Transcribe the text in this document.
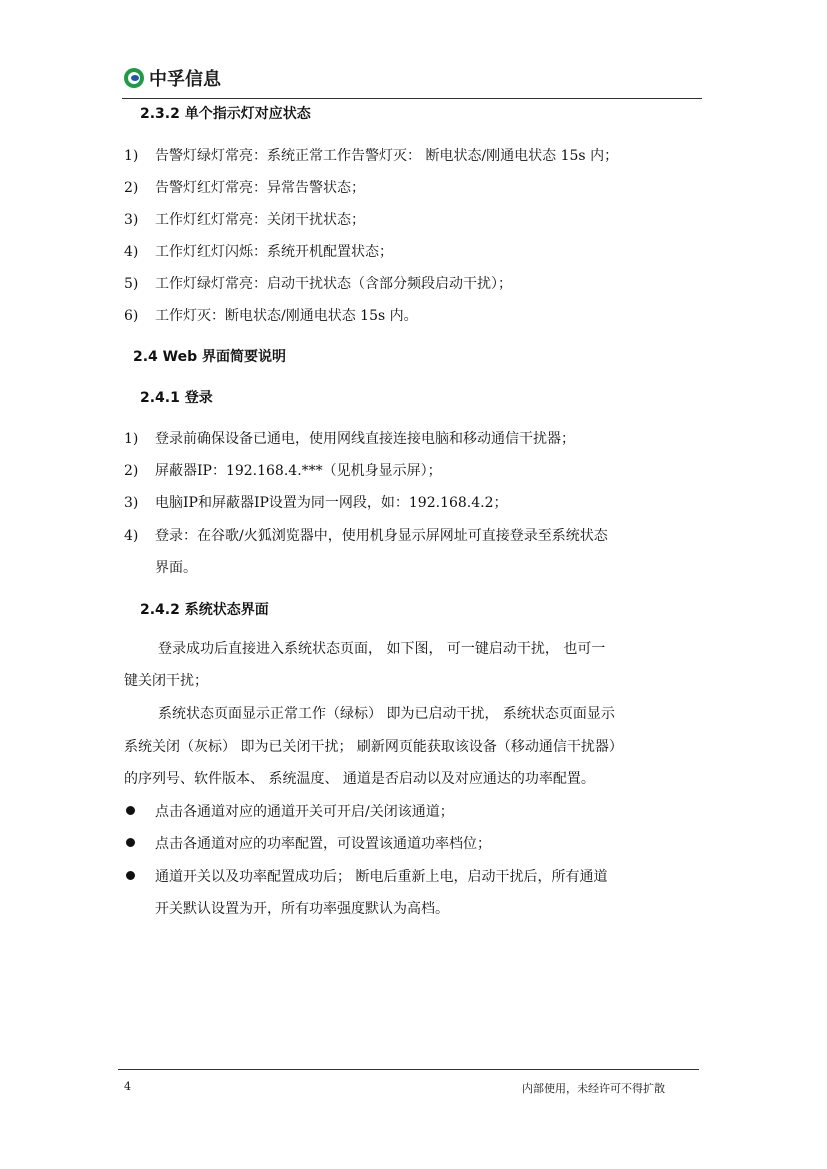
中孚信息
2.3.2 单个指示灯对应状态
1) 告警灯绿灯常亮：系统正常工作告警灯灭： 断电状态/刚通电状态 15s 内；
2) 告警灯红灯常亮：异常告警状态；
3) 工作灯红灯常亮：关闭干扰状态；
4) 工作灯红灯闪烁：系统开机配置状态；
5) 工作灯绿灯常亮：启动干扰状态（含部分频段启动干扰）；
6) 工作灯灭：断电状态/刚通电状态 15s 内。
2.4 Web 界面简要说明
2.4.1 登录
1) 登录前确保设备已通电，使用网线直接连接电脑和移动通信干扰器；
2) 屏蔽器IP：192.168.4.***（见机身显示屏）；
3) 电脑IP和屏蔽器IP设置为同一网段，如：192.168.4.2；
4) 登录：在谷歌/火狐浏览器中，使用机身显示屏网址可直接登录至系统状态
界面。
2.4.2 系统状态界面
登录成功后直接进入系统状态页面， 如下图， 可一键启动干扰， 也可一
键关闭干扰；
系统状态页面显示正常工作（绿标） 即为已启动干扰， 系统状态页面显示
系统关闭（灰标） 即为已关闭干扰； 刷新网页能获取该设备（移动通信干扰器）
的序列号、软件版本、 系统温度、 通道是否启动以及对应通达的功率配置。
点击各通道对应的通道开关可开启/关闭该通道；
点击各通道对应的功率配置，可设置该通道功率档位；
通道开关以及功率配置成功后； 断电后重新上电，启动干扰后，所有通道
开关默认设置为开，所有功率强度默认为高档。
4	内部使用，未经许可不得扩散
